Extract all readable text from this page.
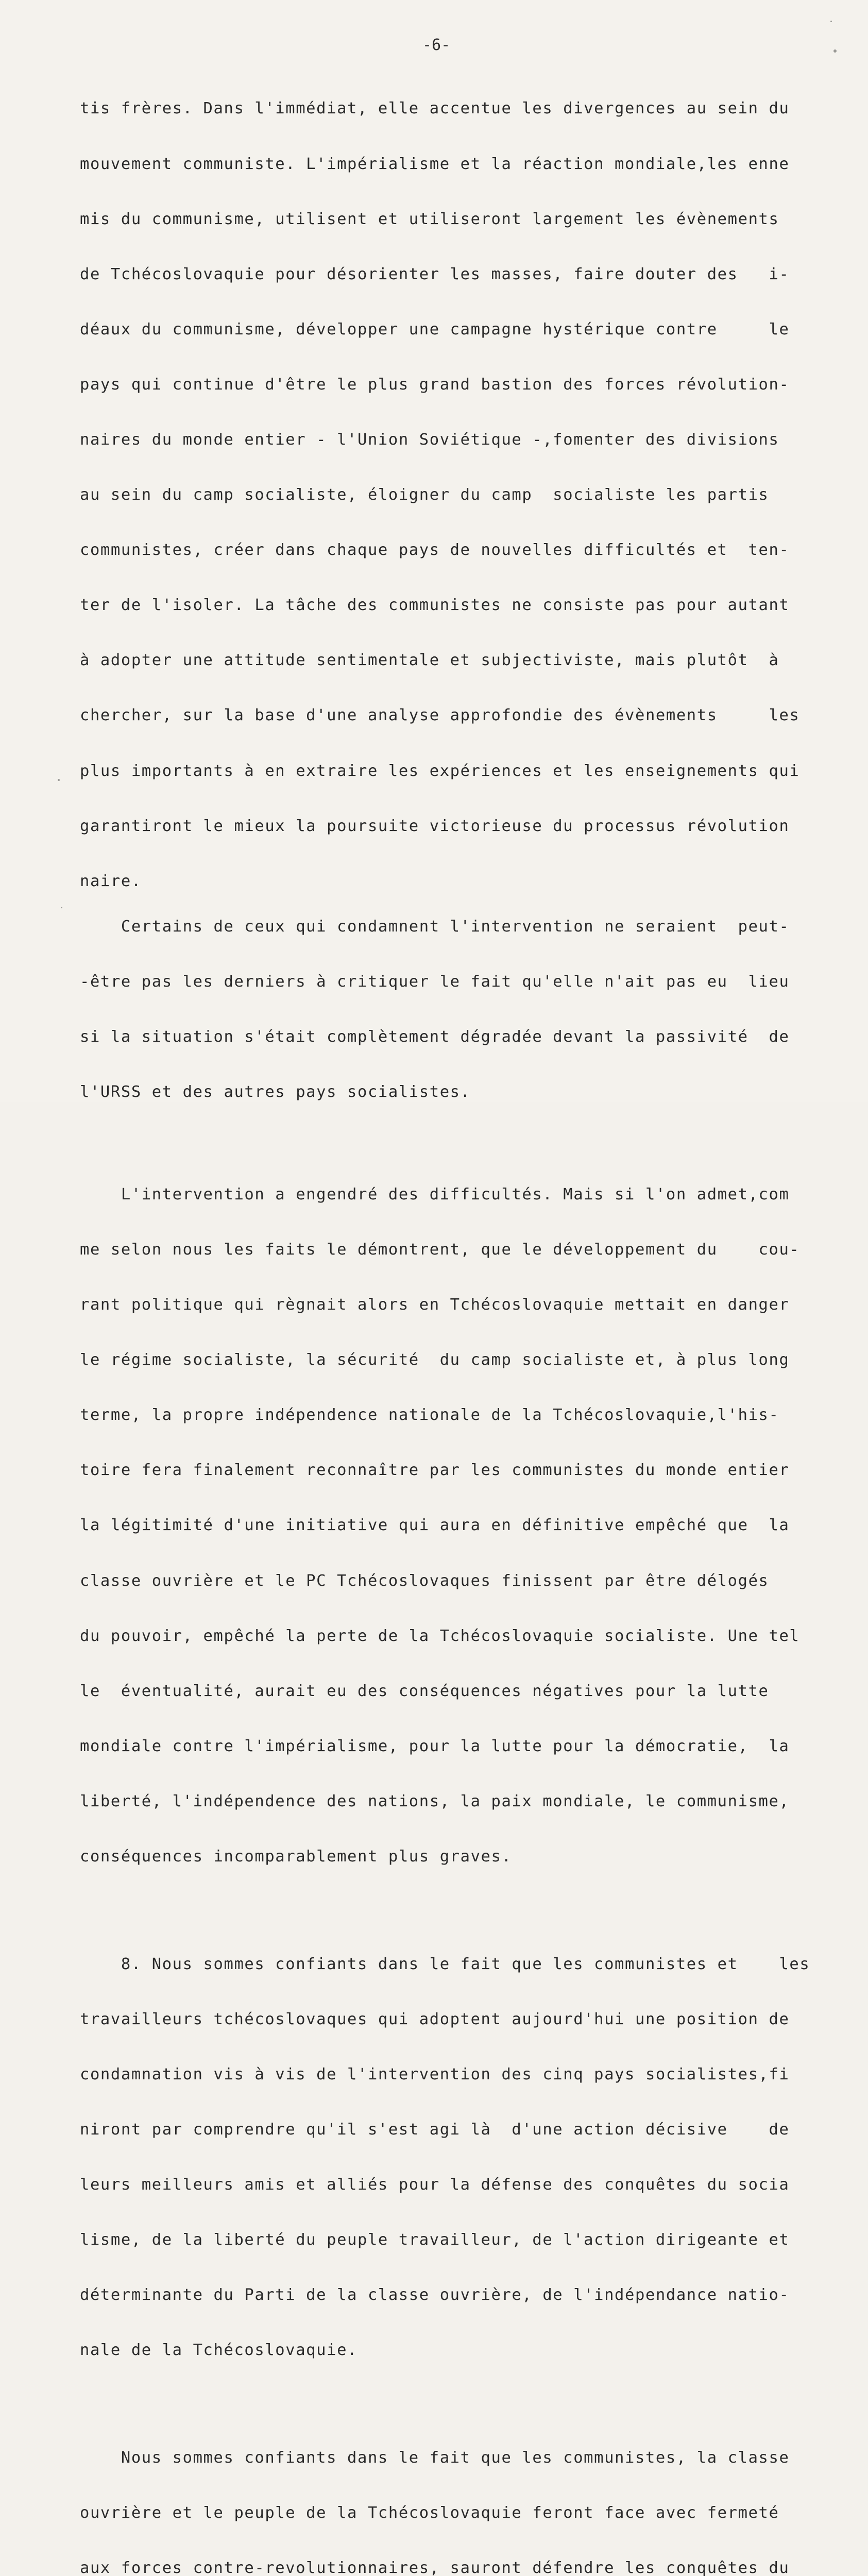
-6-

tis frères. Dans l'immédiat, elle accentue les divergences au sein du

mouvement communiste. L'impérialisme et la réaction mondiale,les enne

mis du communisme, utilisent et utiliseront largement les évènements

de Tchécoslovaquie pour désorienter les masses, faire douter des   i-

déaux du communisme, développer une campagne hystérique contre     le

pays qui continue d'être le plus grand bastion des forces révolution-

naires du monde entier - l'Union Soviétique -,fomenter des divisions

au sein du camp socialiste, éloigner du camp  socialiste les partis

communistes, créer dans chaque pays de nouvelles difficultés et  ten-

ter de l'isoler. La tâche des communistes ne consiste pas pour autant

à adopter une attitude sentimentale et subjectiviste, mais plutôt  à

chercher, sur la base d'une analyse approfondie des évènements     les

plus importants à en extraire les expériences et les enseignements qui

garantiront le mieux la poursuite victorieuse du processus révolution

naire.

Certains de ceux qui condamnent l'intervention ne seraient  peut-

-être pas les derniers à critiquer le fait qu'elle n'ait pas eu  lieu

si la situation s'était complètement dégradée devant la passivité  de

l'URSS et des autres pays socialistes.

L'intervention a engendré des difficultés. Mais si l'on admet,com

me selon nous les faits le démontrent, que le développement du    cou-

rant politique qui règnait alors en Tchécoslovaquie mettait en danger

le régime socialiste, la sécurité  du camp socialiste et, à plus long

terme, la propre indépendence nationale de la Tchécoslovaquie,l'his-

toire fera finalement reconnaître par les communistes du monde entier

la légitimité d'une initiative qui aura en définitive empêché que  la

classe ouvrière et le PC Tchécoslovaques finissent par être délogés

du pouvoir, empêché la perte de la Tchécoslovaquie socialiste. Une tel

le  éventualité, aurait eu des conséquences négatives pour la lutte

mondiale contre l'impérialisme, pour la lutte pour la démocratie,  la

liberté, l'indépendence des nations, la paix mondiale, le communisme,

conséquences incomparablement plus graves.

8. Nous sommes confiants dans le fait que les communistes et    les

travailleurs tchécoslovaques qui adoptent aujourd'hui une position de

condamnation vis à vis de l'intervention des cinq pays socialistes,fi

niront par comprendre qu'il s'est agi là  d'une action décisive    de

leurs meilleurs amis et alliés pour la défense des conquêtes du socia

lisme, de la liberté du peuple travailleur, de l'action dirigeante et

déterminante du Parti de la classe ouvrière, de l'indépendance natio-

nale de la Tchécoslovaquie.

Nous sommes confiants dans le fait que les communistes, la classe

ouvrière et le peuple de la Tchécoslovaquie feront face avec fermeté

aux forces contre-revolutionnaires, sauront défendre les conquêtes du
